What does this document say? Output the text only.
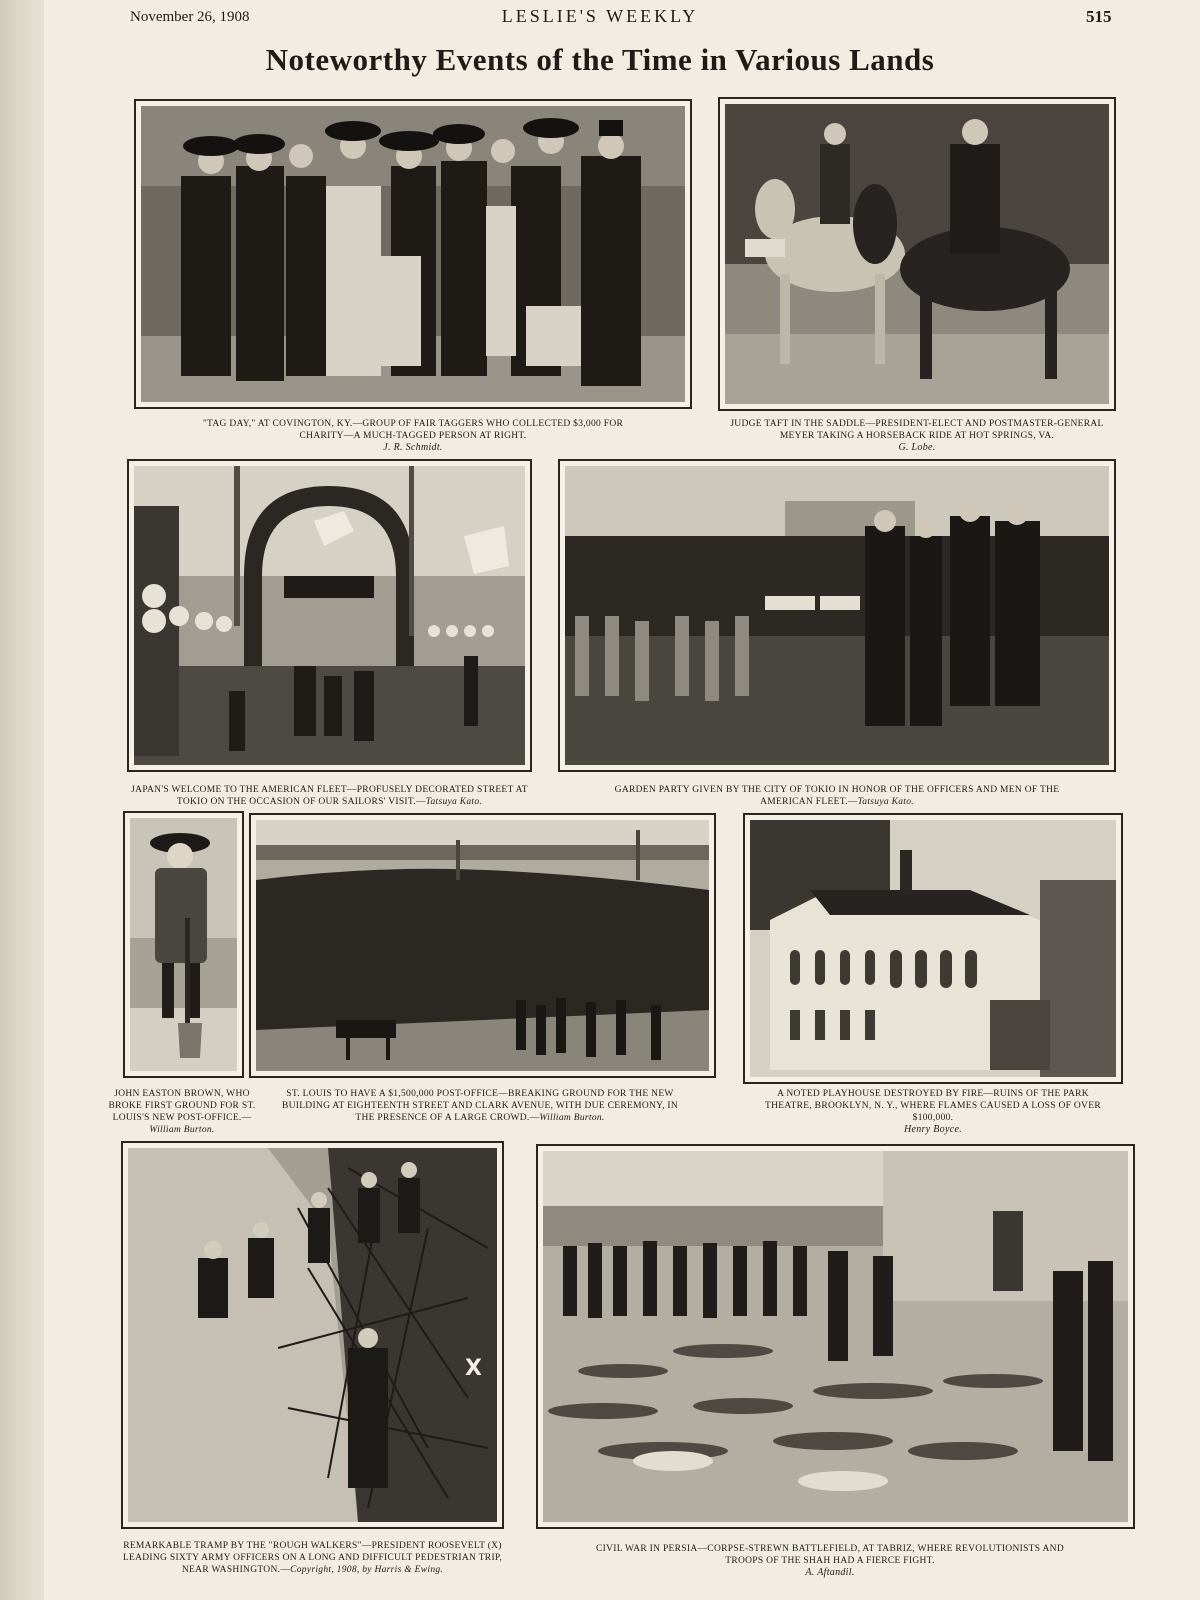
November 26, 1908	LESLIE'S WEEKLY	515
Noteworthy Events of the Time in Various Lands
"TAG DAY," AT COVINGTON, KY.—GROUP OF FAIR TAGGERS WHO COLLECTED $3,000 FOR CHARITY—A MUCH-TAGGED PERSON AT RIGHT.
J. R. Schmidt.
JUDGE TAFT IN THE SADDLE—PRESIDENT-ELECT AND POSTMASTER-GENERAL MEYER TAKING A HORSEBACK RIDE AT HOT SPRINGS, VA.
G. Lobe.
JAPAN'S WELCOME TO THE AMERICAN FLEET—PROFUSELY DECORATED STREET AT TOKIO ON THE OCCASION OF OUR SAILORS' VISIT.—Tatsuya Kato.
GARDEN PARTY GIVEN BY THE CITY OF TOKIO IN HONOR OF THE OFFICERS AND MEN OF THE AMERICAN FLEET.—Tatsuya Kato.
JOHN EASTON BROWN, WHO BROKE FIRST GROUND FOR ST. LOUIS'S NEW POST-OFFICE.—William Burton.
ST. LOUIS TO HAVE A $1,500,000 POST-OFFICE—BREAKING GROUND FOR THE NEW BUILDING AT EIGHTEENTH STREET AND CLARK AVENUE, WITH DUE CEREMONY, IN THE PRESENCE OF A LARGE CROWD.—William Burton.
A NOTED PLAYHOUSE DESTROYED BY FIRE—RUINS OF THE PARK THEATRE, BROOKLYN, N. Y., WHERE FLAMES CAUSED A LOSS OF OVER $100,000.
Henry Boyce.
X
REMARKABLE TRAMP BY THE "ROUGH WALKERS"—PRESIDENT ROOSEVELT (X) LEADING SIXTY ARMY OFFICERS ON A LONG AND DIFFICULT PEDESTRIAN TRIP, NEAR WASHINGTON.—Copyright, 1908, by Harris & Ewing.
CIVIL WAR IN PERSIA—CORPSE-STREWN BATTLEFIELD, AT TABRIZ, WHERE REVOLUTIONISTS AND TROOPS OF THE SHAH HAD A FIERCE FIGHT.
A. Aftandil.
